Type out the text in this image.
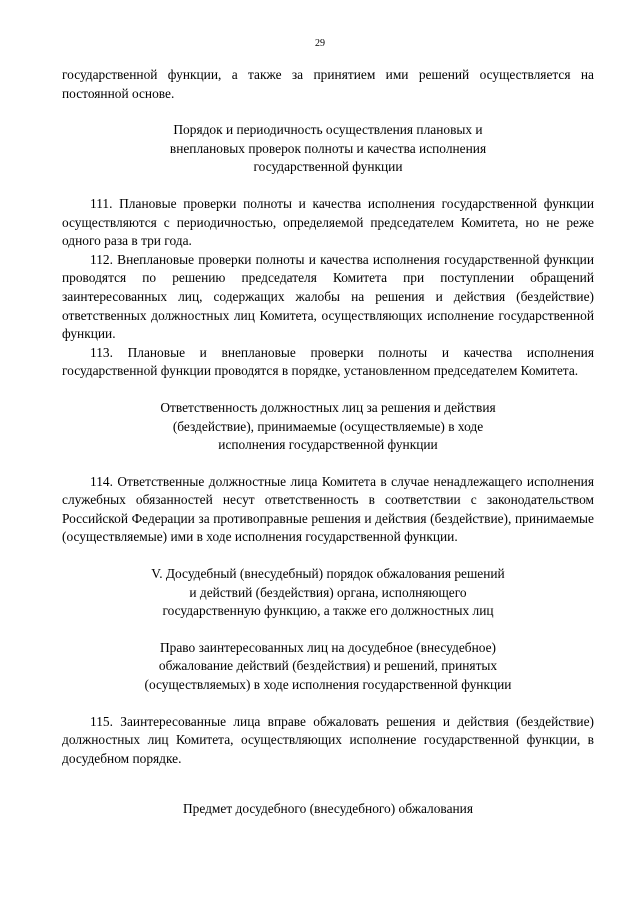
29

государственной функции, а также за принятием ими решений осуществляется на постоянной основе.

Порядок и периодичность осуществления плановых и
внеплановых проверок полноты и качества исполнения
государственной функции

111. Плановые проверки полноты и качества исполнения государственной функции осуществляются с периодичностью, определяемой председателем Комитета, но не реже одного раза в три года.

112. Внеплановые проверки полноты и качества исполнения государственной функции проводятся по решению председателя Комитета при поступлении обращений заинтересованных лиц, содержащих жалобы на решения и действия (бездействие) ответственных должностных лиц Комитета, осуществляющих исполнение государственной функции.

113. Плановые и внеплановые проверки полноты и качества исполнения государственной функции проводятся в порядке, установленном председателем Комитета.

Ответственность должностных лиц за решения и действия
(бездействие), принимаемые (осуществляемые) в ходе
исполнения государственной функции

114. Ответственные должностные лица Комитета в случае ненадлежащего исполнения служебных обязанностей несут ответственность в соответствии с законодательством Российской Федерации за противоправные решения и действия (бездействие), принимаемые (осуществляемые) ими в ходе исполнения государственной функции.

V. Досудебный (внесудебный) порядок обжалования решений
и действий (бездействия) органа, исполняющего
государственную функцию, а также его должностных лиц

Право заинтересованных лиц на досудебное (внесудебное)
обжалование действий (бездействия) и решений, принятых
(осуществляемых) в ходе исполнения государственной функции

115. Заинтересованные лица вправе обжаловать решения и действия (бездействие) должностных лиц Комитета, осуществляющих исполнение государственной функции, в досудебном порядке.

Предмет досудебного (внесудебного) обжалования
